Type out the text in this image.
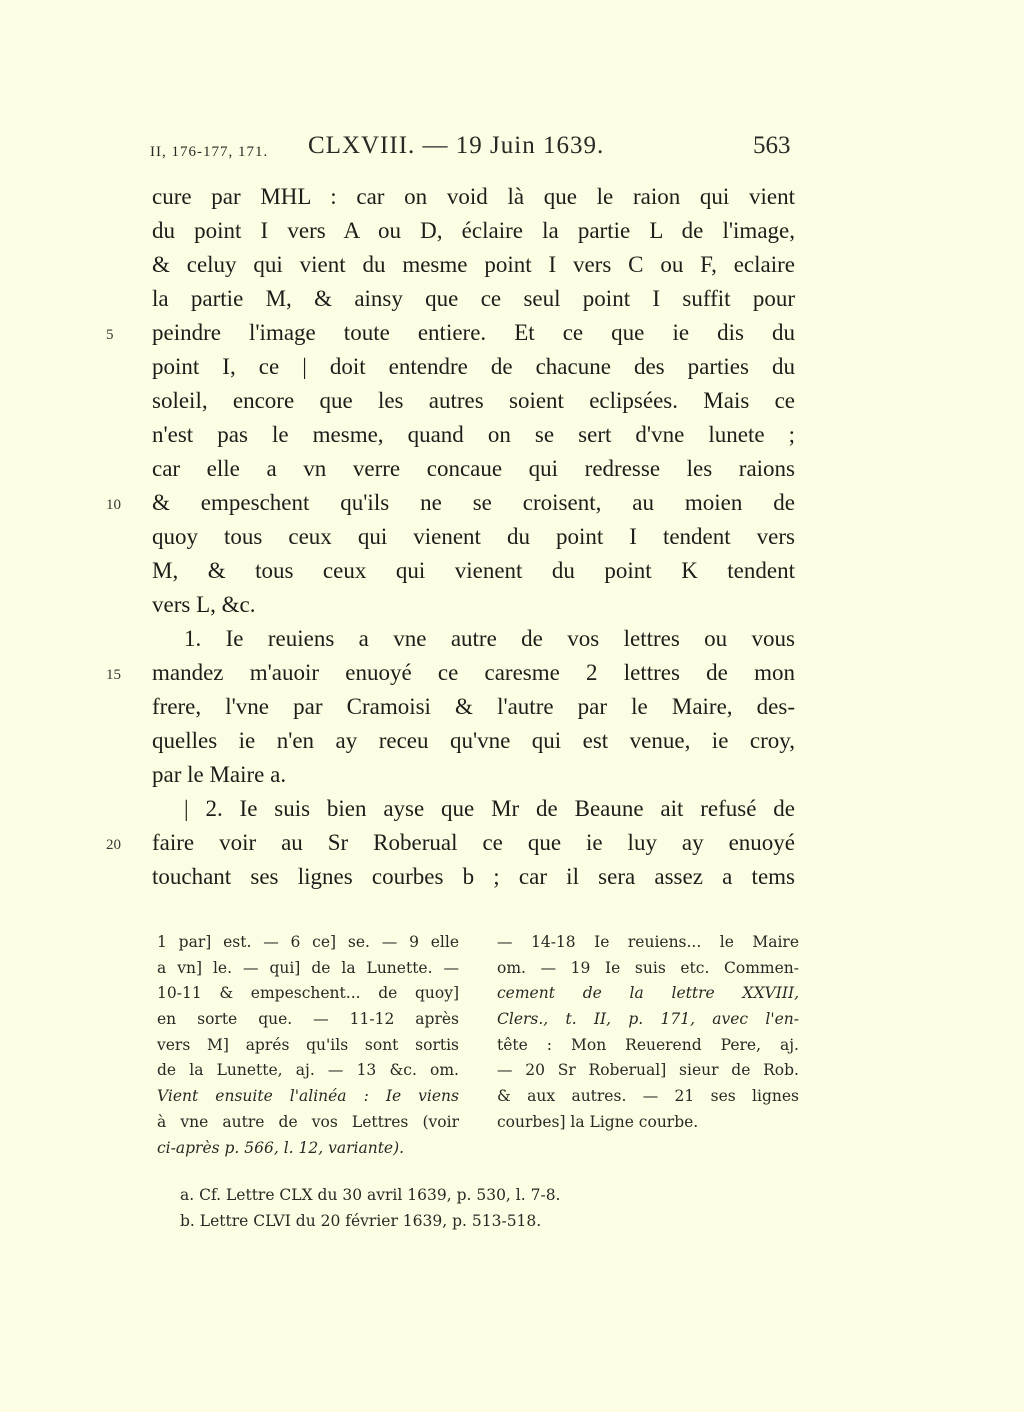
II, 176-177, 171. CLXVIII. — 19 Juin 1639.	563
cure par MHL : car on void là que le raion qui vient
du point I vers A ou D, éclaire la partie L de l'image,
& celuy qui vient du mesme point I vers C ou F, eclaire
la partie M, & ainsy que ce seul point I suffit pour
5	peindre l'image toute entiere. Et ce que ie dis du
point I, ce | doit entendre de chacune des parties du
soleil, encore que les autres soient eclipsées. Mais ce
n'est pas le mesme, quand on se sert d'vne lunete ;
car elle a vn verre concaue qui redresse les raions
10	& empeschent qu'ils ne se croisent, au moien de
quoy tous ceux qui vienent du point I tendent vers
M, & tous ceux qui vienent du point K tendent
vers L, &c.
1. Ie reuiens a vne autre de vos lettres ou vous
15	mandez m'auoir enuoyé ce caresme 2 lettres de mon
frere, l'vne par Cramoisi & l'autre par le Maire, des-
quelles ie n'en ay receu qu'vne qui est venue, ie croy,
par le Maire a.
| 2. Ie suis bien ayse que Mr de Beaune ait refusé de
20	faire voir au Sr Roberual ce que ie luy ay enuoyé
touchant ses lignes courbes b ; car il sera assez a tems
1 par] est. — 6 ce] se. — 9 elle
a vn] le. — qui] de la Lunette. —
10-11 & empeschent... de quoy]
en sorte que. — 11-12 après
vers M] aprés qu'ils sont sortis
de la Lunette, aj. — 13 &c. om.
Vient ensuite l'alinéa : Ie viens
à vne autre de vos Lettres (voir
ci-après p. 566, l. 12, variante).
— 14-18 Ie reuiens... le Maire
om. — 19 Ie suis etc. Commen-
cement de la lettre XXVIII,
Clers., t. II, p. 171, avec l'en-
tête : Mon Reuerend Pere, aj.
— 20 Sr Roberual] sieur de Rob.
& aux autres. — 21 ses lignes
courbes] la Ligne courbe.
a. Cf. Lettre CLX du 30 avril 1639, p. 530, l. 7-8.
b. Lettre CLVI du 20 février 1639, p. 513-518.
